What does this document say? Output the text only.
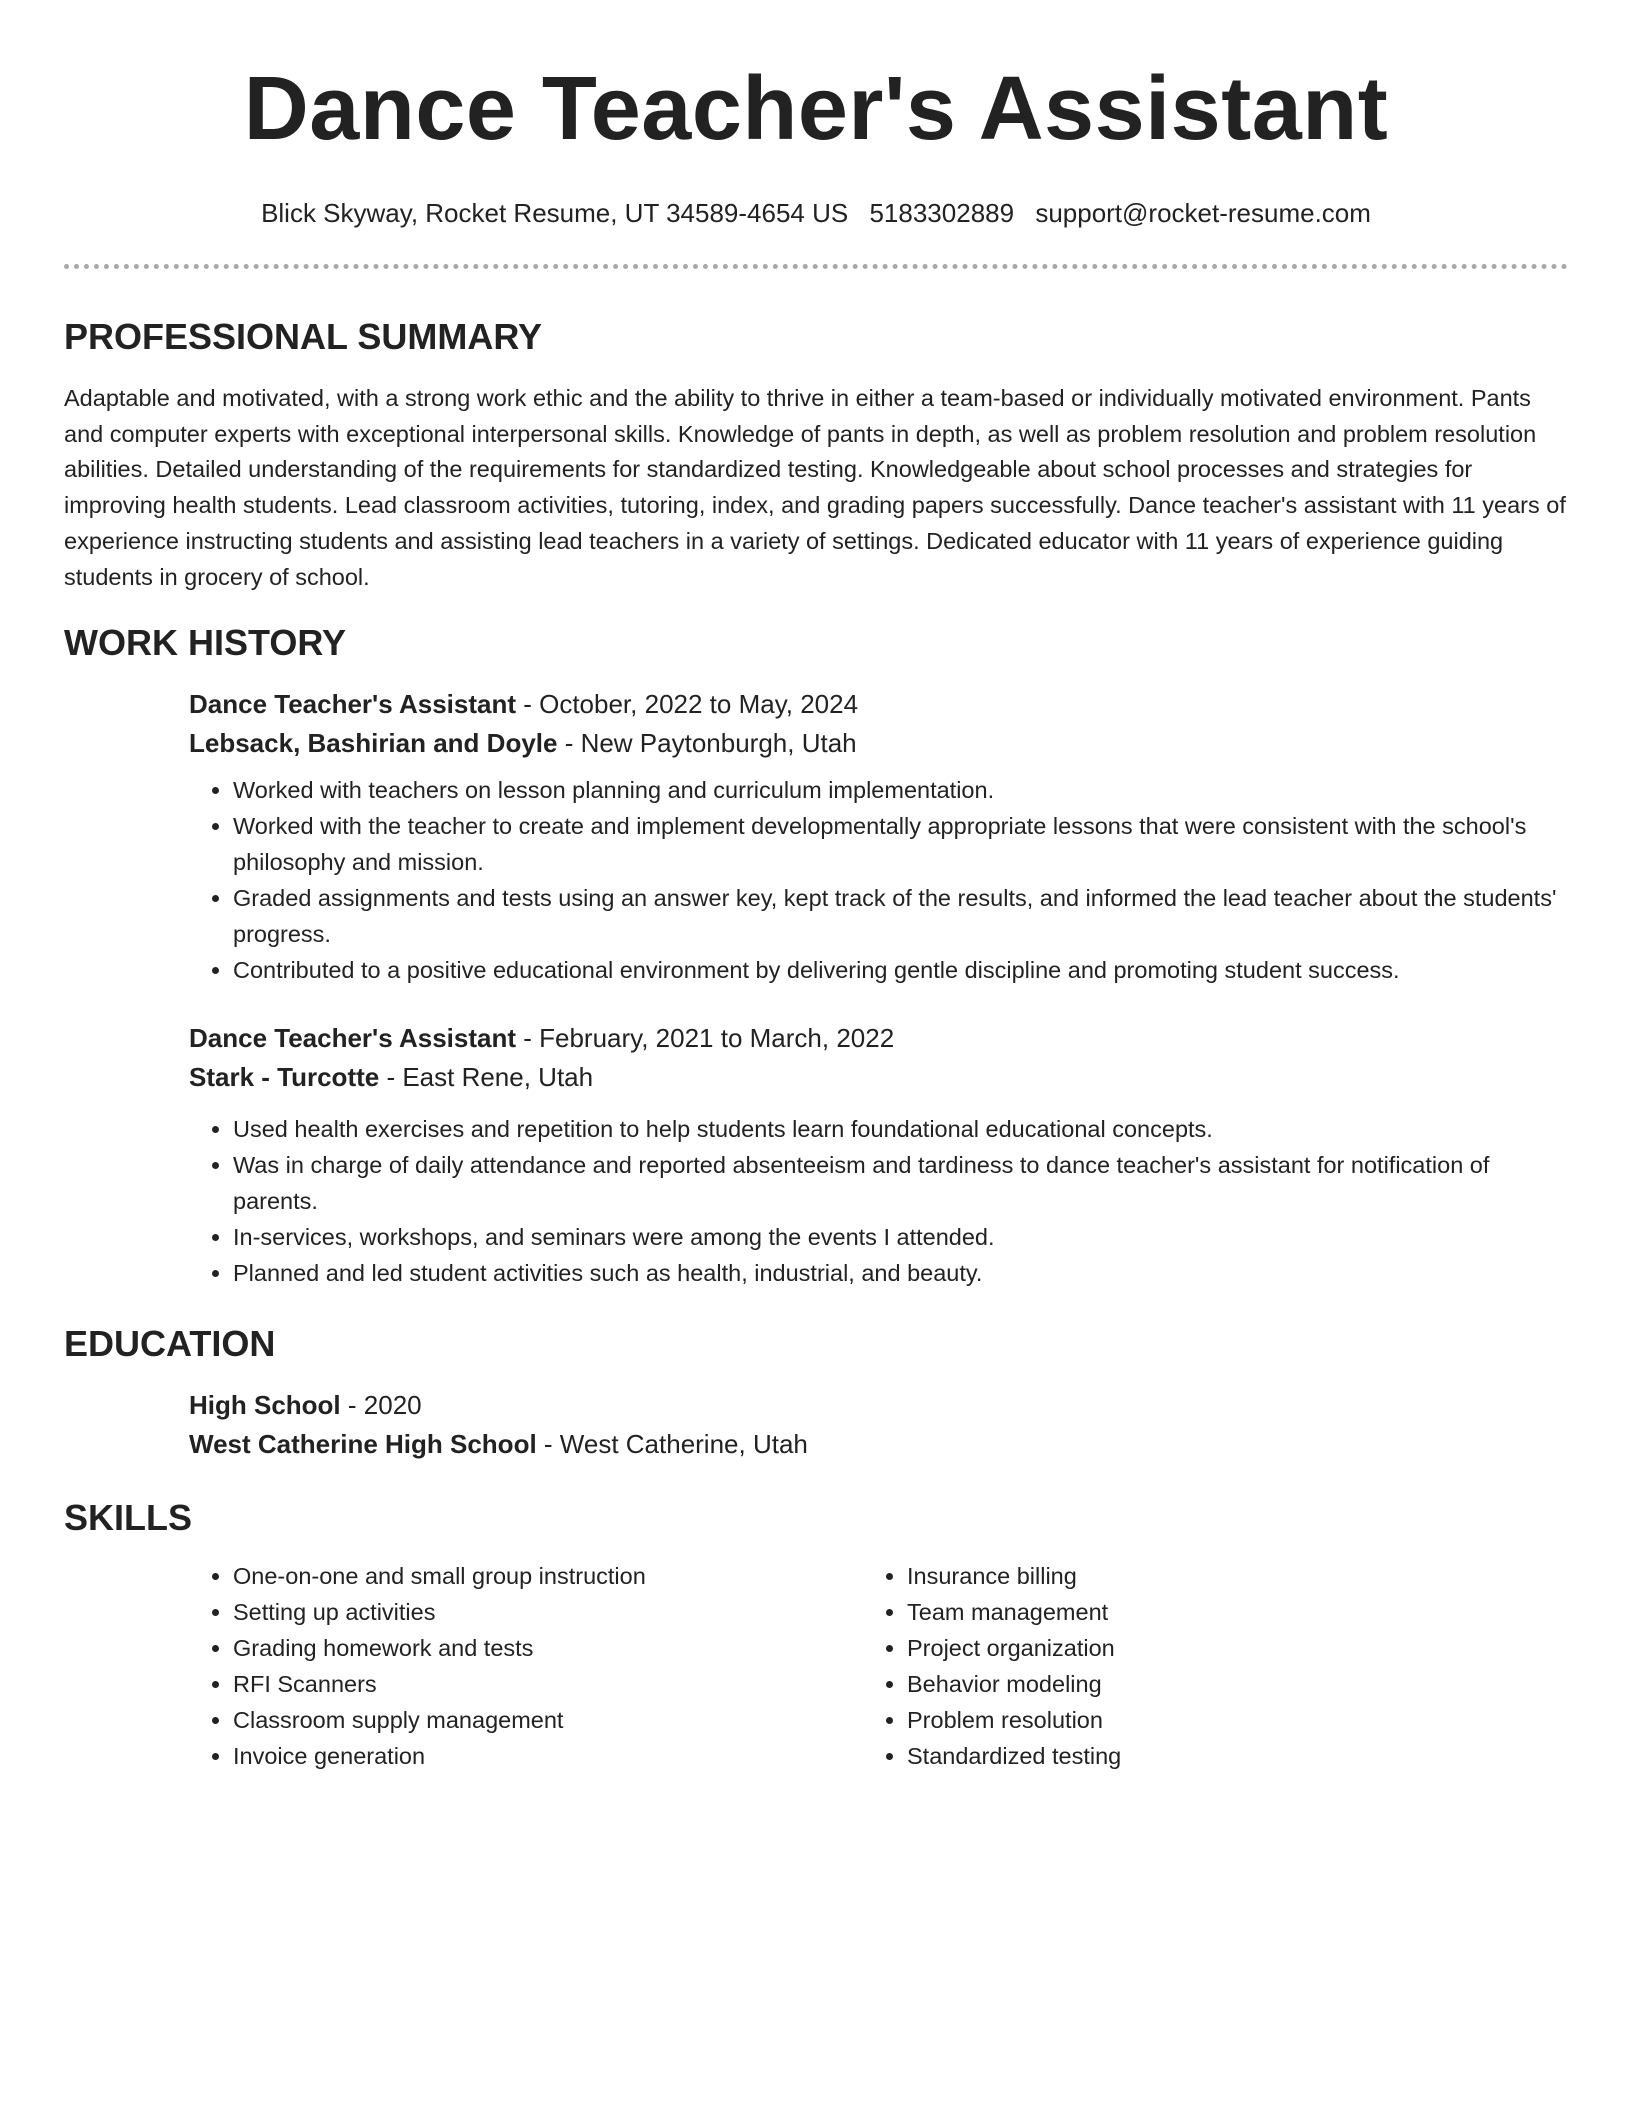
Dance Teacher's Assistant
Blick Skyway, Rocket Resume, UT 34589-4654 US 5183302889 support@rocket-resume.com
PROFESSIONAL SUMMARY

Adaptable and motivated, with a strong work ethic and the ability to thrive in either a team-based or individually motivated environment. Pants and computer experts with exceptional interpersonal skills. Knowledge of pants in depth, as well as problem resolution and problem resolution abilities. Detailed understanding of the requirements for standardized testing. Knowledgeable about school processes and strategies for improving health students. Lead classroom activities, tutoring, index, and grading papers successfully. Dance teacher's assistant with 11 years of experience instructing students and assisting lead teachers in a variety of settings. Dedicated educator with 11 years of experience guiding students in grocery of school.

WORK HISTORY
Dance Teacher's Assistant - October, 2022 to May, 2024
Lebsack, Bashirian and Doyle - New Paytonburgh, Utah
• Worked with teachers on lesson planning and curriculum implementation.
• Worked with the teacher to create and implement developmentally appropriate lessons that were consistent with the school's philosophy and mission.
• Graded assignments and tests using an answer key, kept track of the results, and informed the lead teacher about the students' progress.
• Contributed to a positive educational environment by delivering gentle discipline and promoting student success.
Dance Teacher's Assistant - February, 2021 to March, 2022
Stark - Turcotte - East Rene, Utah
• Used health exercises and repetition to help students learn foundational educational concepts.
• Was in charge of daily attendance and reported absenteeism and tardiness to dance teacher's assistant for notification of parents.
• In-services, workshops, and seminars were among the events I attended.
• Planned and led student activities such as health, industrial, and beauty.
EDUCATION
High School - 2020
West Catherine High School - West Catherine, Utah
SKILLS
• One-on-one and small group instruction
• Setting up activities
• Grading homework and tests
• RFI Scanners
• Classroom supply management
• Invoice generation
• Insurance billing
• Team management
• Project organization
• Behavior modeling
• Problem resolution
• Standardized testing
